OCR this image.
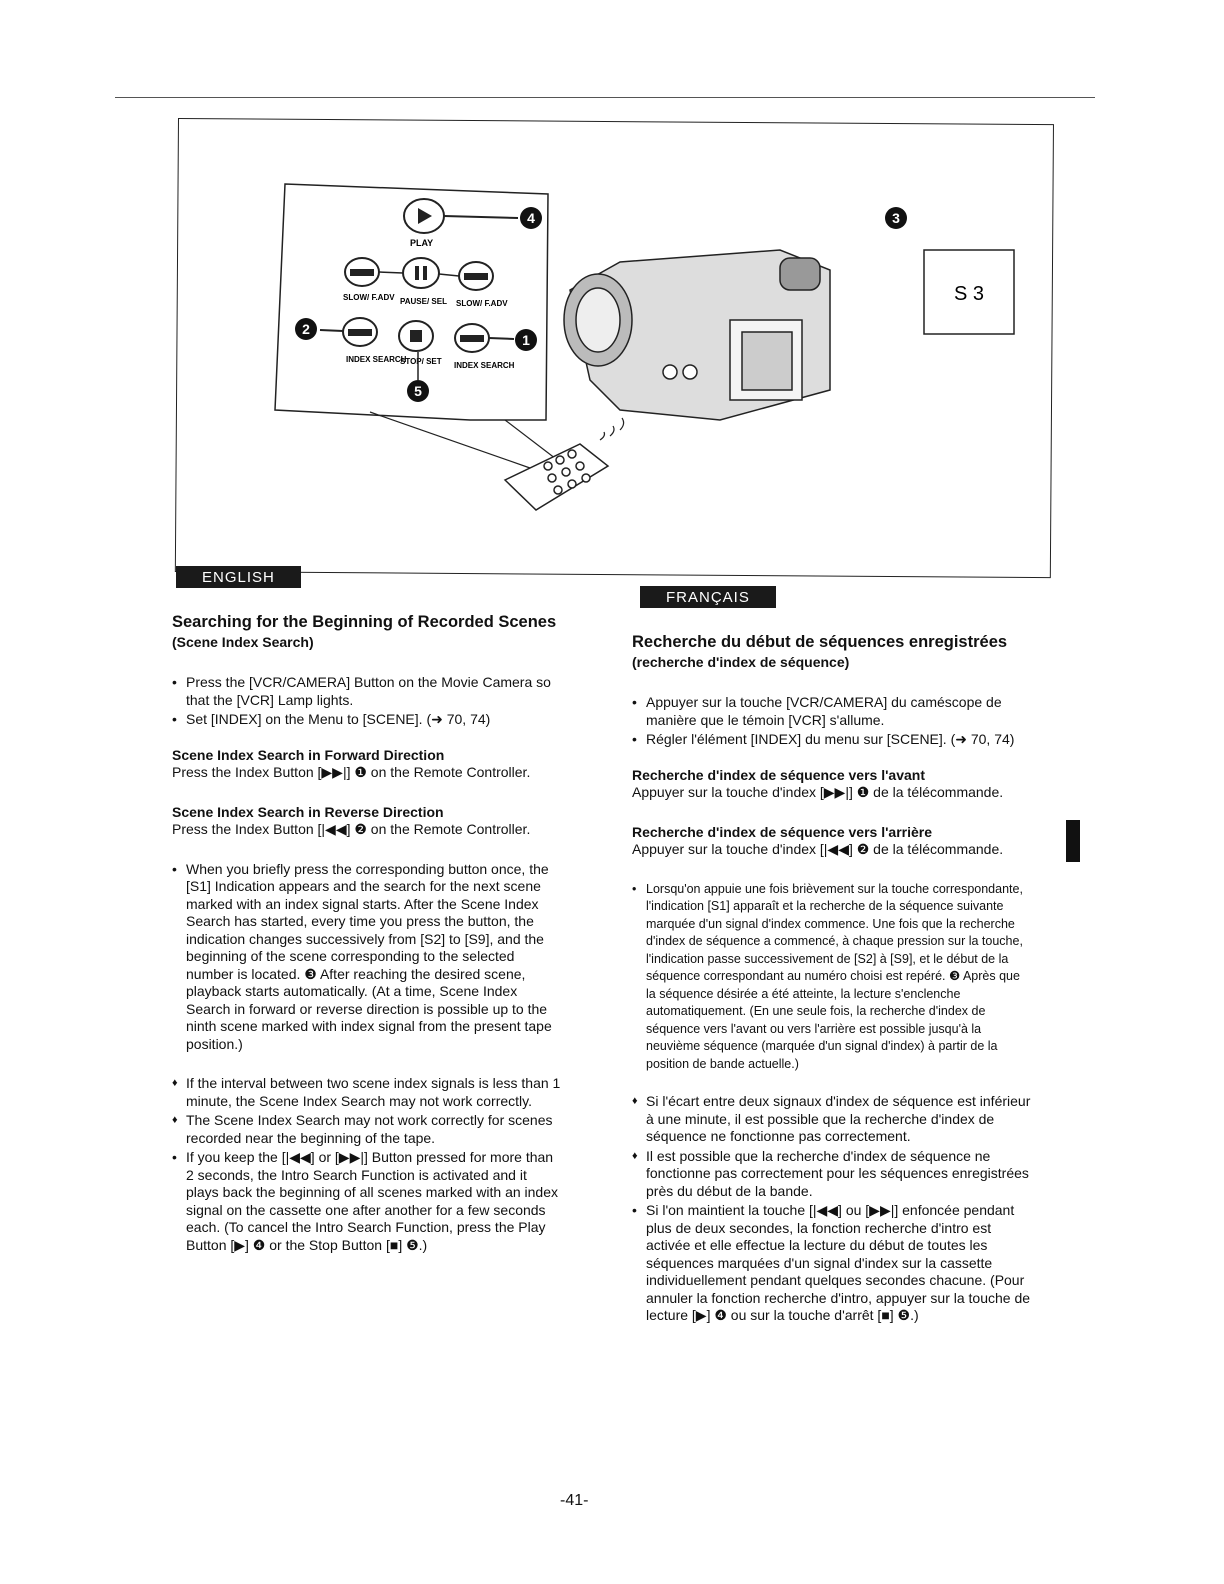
PLAY
SLOW/ F.ADV PAUSE/ SEL SLOW/ F.ADV
INDEX SEARCH
STOP/ SET INDEX SEARCH
4
2
1
5
3
S 3
ENGLISH
Searching for the Beginning of Recorded Scenes (Scene Index Search)
• Press the [VCR/CAMERA] Button on the Movie Camera so that the [VCR] Lamp lights.
• Set [INDEX] on the Menu to [SCENE]. (➜ 70, 74)
Scene Index Search in Forward Direction
Press the Index Button [▶▶|] ❶ on the Remote Controller.
Scene Index Search in Reverse Direction
Press the Index Button [|◀◀] ❷ on the Remote Controller.
• When you briefly press the corresponding button once, the [S1] Indication appears and the search for the next scene marked with an index signal starts. After the Scene Index Search has started, every time you press the button, the indication changes successively from [S2] to [S9], and the beginning of the scene corresponding to the selected number is located. ❸ After reaching the desired scene, playback starts automatically. (At a time, Scene Index Search in forward or reverse direction is possible up to the ninth scene marked with index signal from the present tape position.)
♦ If the interval between two scene index signals is less than 1 minute, the Scene Index Search may not work correctly.
♦ The Scene Index Search may not work correctly for scenes recorded near the beginning of the tape.
• If you keep the [|◀◀] or [▶▶|] Button pressed for more than 2 seconds, the Intro Search Function is activated and it plays back the beginning of all scenes marked with an index signal on the cassette one after another for a few seconds each. (To cancel the Intro Search Function, press the Play Button [▶] ❹ or the Stop Button [■] ❺.)
FRANÇAIS
Recherche du début de séquences enregistrées (recherche d'index de séquence)
• Appuyer sur la touche [VCR/CAMERA] du caméscope de manière que le témoin [VCR] s'allume.
• Régler l'élément [INDEX] du menu sur [SCENE]. (➜ 70, 74)
Recherche d'index de séquence vers l'avant
Appuyer sur la touche d'index [▶▶|] ❶ de la télécommande.
Recherche d'index de séquence vers l'arrière
Appuyer sur la touche d'index [|◀◀] ❷ de la télécommande.
• Lorsqu'on appuie une fois brièvement sur la touche correspondante, l'indication [S1] apparaît et la recherche de la séquence suivante marquée d'un signal d'index commence. Une fois que la recherche d'index de séquence a commencé, à chaque pression sur la touche, l'indication passe successivement de [S2] à [S9], et le début de la séquence correspondant au numéro choisi est repéré. ❸ Après que la séquence désirée a été atteinte, la lecture s'enclenche automatiquement. (En une seule fois, la recherche d'index de séquence vers l'avant ou vers l'arrière est possible jusqu'à la neuvième séquence (marquée d'un signal d'index) à partir de la position de bande actuelle.)
♦ Si l'écart entre deux signaux d'index de séquence est inférieur à une minute, il est possible que la recherche d'index de séquence ne fonctionne pas correctement.
♦ Il est possible que la recherche d'index de séquence ne fonctionne pas correctement pour les séquences enregistrées près du début de la bande.
• Si l'on maintient la touche [|◀◀] ou [▶▶|] enfoncée pendant plus de deux secondes, la fonction recherche d'intro est activée et elle effectue la lecture du début de toutes les séquences marquées d'un signal d'index sur la cassette individuellement pendant quelques secondes chacune. (Pour annuler la fonction recherche d'intro, appuyer sur la touche de lecture [▶] ❹ ou sur la touche d'arrêt [■] ❺.)
-41-
